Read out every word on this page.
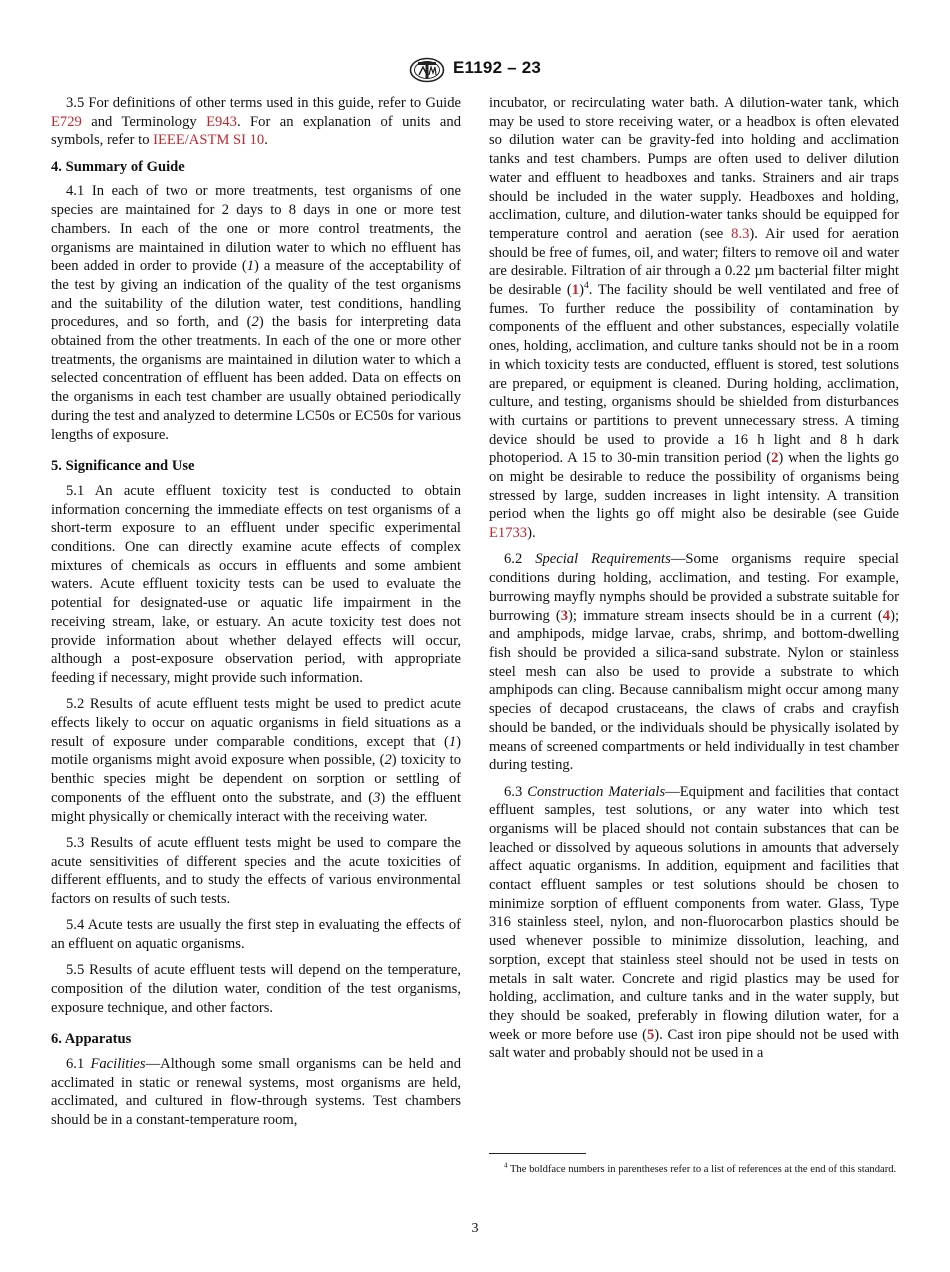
E1192 – 23

3.5 For definitions of other terms used in this guide, refer to Guide E729 and Terminology E943. For an explanation of units and symbols, refer to IEEE/ASTM SI 10.

4. Summary of Guide

4.1 In each of two or more treatments, test organisms of one species are maintained for 2 days to 8 days in one or more test chambers. In each of the one or more control treatments, the organisms are maintained in dilution water to which no effluent has been added in order to provide (1) a measure of the acceptability of the test by giving an indication of the quality of the test organisms and the suitability of the dilution water, test conditions, handling procedures, and so forth, and (2) the basis for interpreting data obtained from the other treatments. In each of the one or more other treatments, the organisms are maintained in dilution water to which a selected concentration of effluent has been added. Data on effects on the organisms in each test chamber are usually obtained periodically during the test and analyzed to determine LC50s or EC50s for various lengths of exposure.

5. Significance and Use

5.1 An acute effluent toxicity test is conducted to obtain information concerning the immediate effects on test organisms of a short-term exposure to an effluent under specific experimental conditions. One can directly examine acute effects of complex mixtures of chemicals as occurs in effluents and some ambient waters. Acute effluent toxicity tests can be used to evaluate the potential for designated-use or aquatic life impairment in the receiving stream, lake, or estuary. An acute toxicity test does not provide information about whether delayed effects will occur, although a post-exposure observation period, with appropriate feeding if necessary, might provide such information.

5.2 Results of acute effluent tests might be used to predict acute effects likely to occur on aquatic organisms in field situations as a result of exposure under comparable conditions, except that (1) motile organisms might avoid exposure when possible, (2) toxicity to benthic species might be dependent on sorption or settling of components of the effluent onto the substrate, and (3) the effluent might physically or chemically interact with the receiving water.

5.3 Results of acute effluent tests might be used to compare the acute sensitivities of different species and the acute toxicities of different effluents, and to study the effects of various environmental factors on results of such tests.

5.4 Acute tests are usually the first step in evaluating the effects of an effluent on aquatic organisms.

5.5 Results of acute effluent tests will depend on the temperature, composition of the dilution water, condition of the test organisms, exposure technique, and other factors.

6. Apparatus

6.1 Facilities—Although some small organisms can be held and acclimated in static or renewal systems, most organisms are held, acclimated, and cultured in flow-through systems. Test chambers should be in a constant-temperature room,

incubator, or recirculating water bath. A dilution-water tank, which may be used to store receiving water, or a headbox is often elevated so dilution water can be gravity-fed into holding and acclimation tanks and test chambers. Pumps are often used to deliver dilution water and effluent to headboxes and tanks. Strainers and air traps should be included in the water supply. Headboxes and holding, acclimation, culture, and dilution-water tanks should be equipped for temperature control and aeration (see 8.3). Air used for aeration should be free of fumes, oil, and water; filters to remove oil and water are desirable. Filtration of air through a 0.22 µm bacterial filter might be desirable $(1)^4$. The facility should be well ventilated and free of fumes. To further reduce the possibility of contamination by components of the effluent and other substances, especially volatile ones, holding, acclimation, and culture tanks should not be in a room in which toxicity tests are conducted, effluent is stored, test solutions are prepared, or equipment is cleaned. During holding, acclimation, culture, and testing, organisms should be shielded from disturbances with curtains or partitions to prevent unnecessary stress. A timing device should be used to provide a 16 h light and 8 h dark photoperiod. A 15 to 30-min transition period (2) when the lights go on might be desirable to reduce the possibility of organisms being stressed by large, sudden increases in light intensity. A transition period when the lights go off might also be desirable (see Guide E1733).

6.2 Special Requirements—Some organisms require special conditions during holding, acclimation, and testing. For example, burrowing mayfly nymphs should be provided a substrate suitable for burrowing (3); immature stream insects should be in a current (4); and amphipods, midge larvae, crabs, shrimp, and bottom-dwelling fish should be provided a silica-sand substrate. Nylon or stainless steel mesh can also be used to provide a substrate to which amphipods can cling. Because cannibalism might occur among many species of decapod crustaceans, the claws of crabs and crayfish should be banded, or the individuals should be physically isolated by means of screened compartments or held individually in test chamber during testing.

6.3 Construction Materials—Equipment and facilities that contact effluent samples, test solutions, or any water into which test organisms will be placed should not contain substances that can be leached or dissolved by aqueous solutions in amounts that adversely affect aquatic organisms. In addition, equipment and facilities that contact effluent samples or test solutions should be chosen to minimize sorption of effluent components from water. Glass, Type 316 stainless steel, nylon, and non-fluorocarbon plastics should be used whenever possible to minimize dissolution, leaching, and sorption, except that stainless steel should not be used in tests on metals in salt water. Concrete and rigid plastics may be used for holding, acclimation, and culture tanks and in the water supply, but they should be soaked, preferably in flowing dilution water, for a week or more before use (5). Cast iron pipe should not be used with salt water and probably should not be used in a

$^4$ The boldface numbers in parentheses refer to a list of references at the end of this standard.
3
